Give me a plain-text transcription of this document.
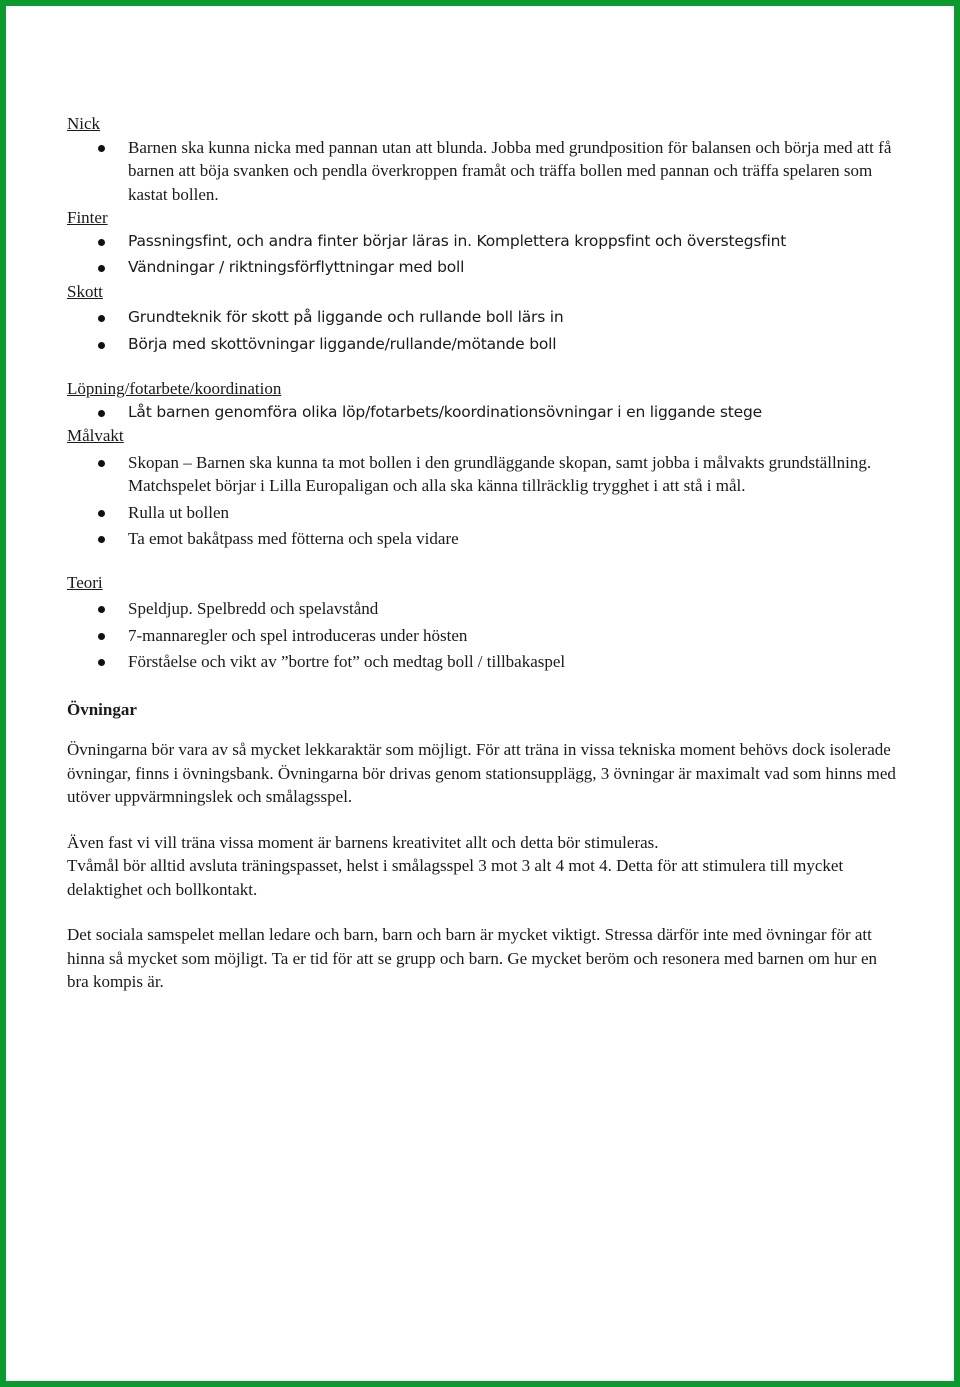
Nick

Barnen ska kunna nicka med pannan utan att blunda. Jobba med grundposition för balansen och börja med att få barnen att böja svanken och pendla överkroppen framåt och träffa bollen med pannan och träffa spelaren som kastat bollen.

Finter

Passningsfint, och andra finter börjar läras in. Komplettera kroppsfint och överstegsfint
Vändningar / riktningsförflyttningar med boll

Skott

Grundteknik för skott på liggande och rullande boll lärs in
Börja med skottövningar liggande/rullande/mötande boll

Löpning/fotarbete/koordination

Låt barnen genomföra olika löp/fotarbets/koordinationsövningar i en liggande stege

Målvakt

Skopan – Barnen ska kunna ta mot bollen i den grundläggande skopan, samt jobba i målvakts grundställning. Matchspelet börjar i Lilla Europaligan och alla ska känna tillräcklig trygghet i att stå i mål.
Rulla ut bollen
Ta emot bakåtpass med fötterna och spela vidare

Teori

Speldjup. Spelbredd och spelavstånd
7-mannaregler och spel introduceras under hösten
Förståelse och vikt av ”bortre fot” och medtag boll / tillbakaspel

Övningar

Övningarna bör vara av så mycket lekkaraktär som möjligt. För att träna in vissa tekniska moment behövs dock isolerade övningar, finns i övningsbank. Övningarna bör drivas genom stationsupplägg, 3 övningar är maximalt vad som hinns med utöver uppvärmningslek och smålagsspel.

Även fast vi vill träna vissa moment är barnens kreativitet allt och detta bör stimuleras.

Tvåmål bör alltid avsluta träningspasset, helst i smålagsspel 3 mot 3 alt 4 mot 4. Detta för att stimulera till mycket delaktighet och bollkontakt.

Det sociala samspelet mellan ledare och barn, barn och barn är mycket viktigt. Stressa därför inte med övningar för att hinna så mycket som möjligt. Ta er tid för att se grupp och barn. Ge mycket beröm och resonera med barnen om hur en bra kompis är.
